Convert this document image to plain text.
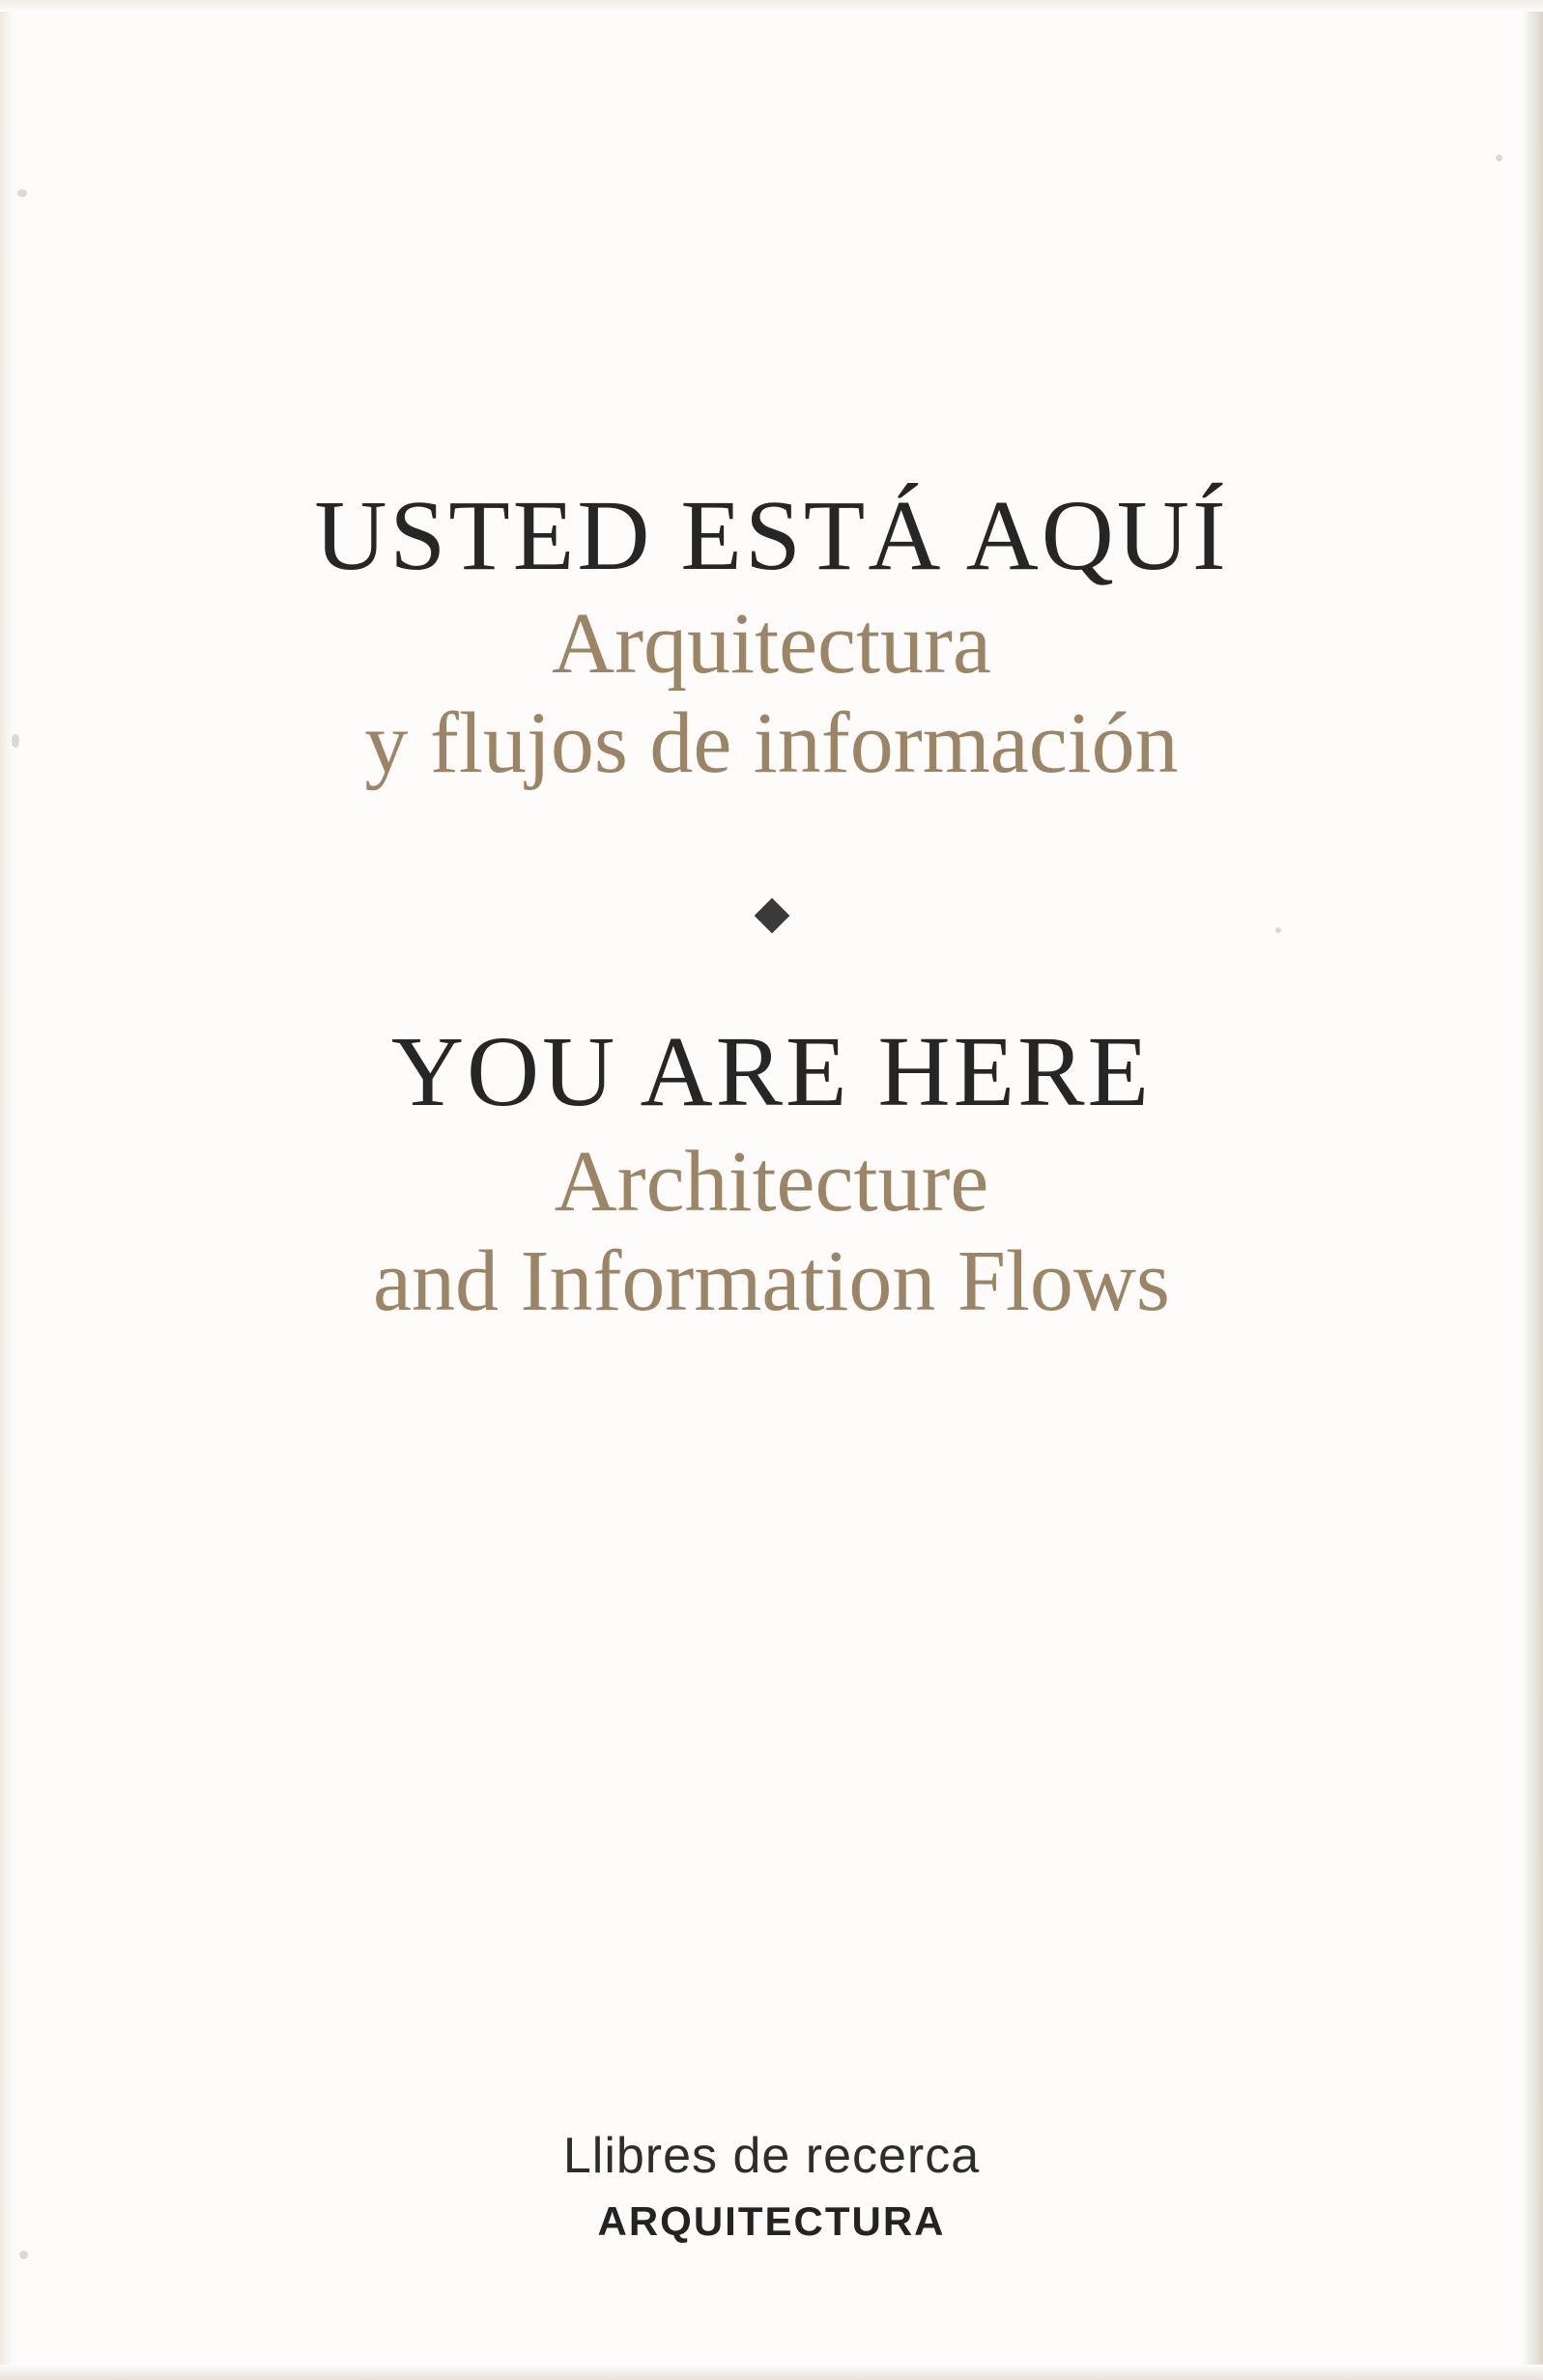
USTED ESTÁ AQUÍ
Arquitectura
y flujos de información
YOU ARE HERE
Architecture
and Information Flows
Llibres de recerca
ARQUITECTURA
